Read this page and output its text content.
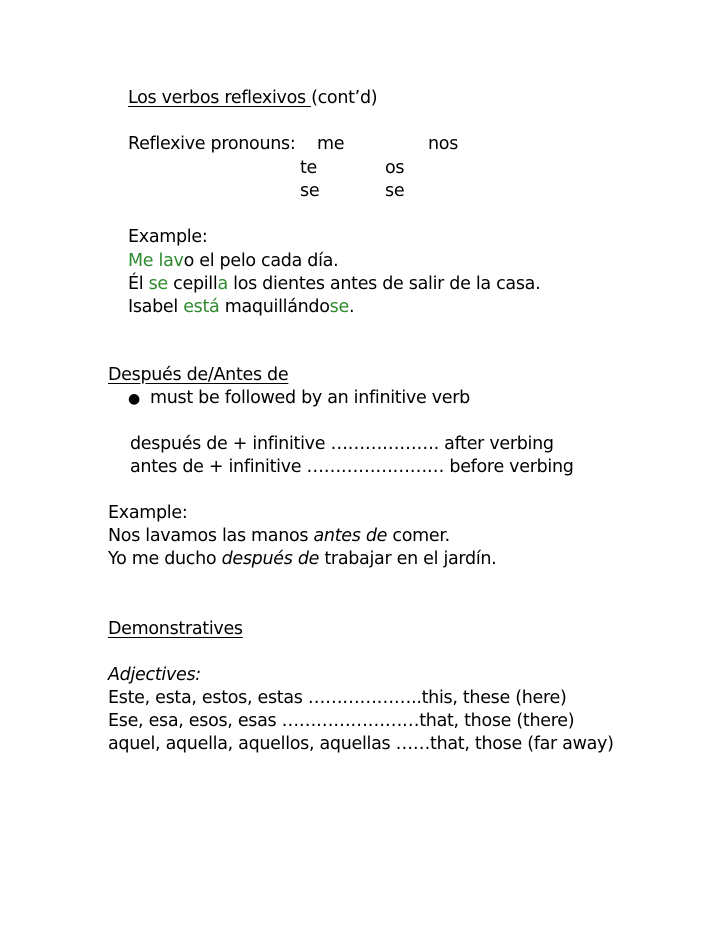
Los verbos reflexivos (cont’d)
Reflexive pronouns: me	nos
te	os
se	se
Example:
Me lavo el pelo cada día.
Él se cepilla los dientes antes de salir de la casa.
Isabel está maquillándose.
Después de/Antes de
● must be followed by an infinitive verb
después de + infinitive ………………. after verbing
antes de + infinitive …………………… before verbing
Example:
Nos lavamos las manos antes de comer.
Yo me ducho después de trabajar en el jardín.
Demonstratives
Adjectives:
Este, esta, estos, estas ………………..this, these (here)
Ese, esa, esos, esas ……………………that, those (there)
aquel, aquella, aquellos, aquellas ……that, those (far away)
